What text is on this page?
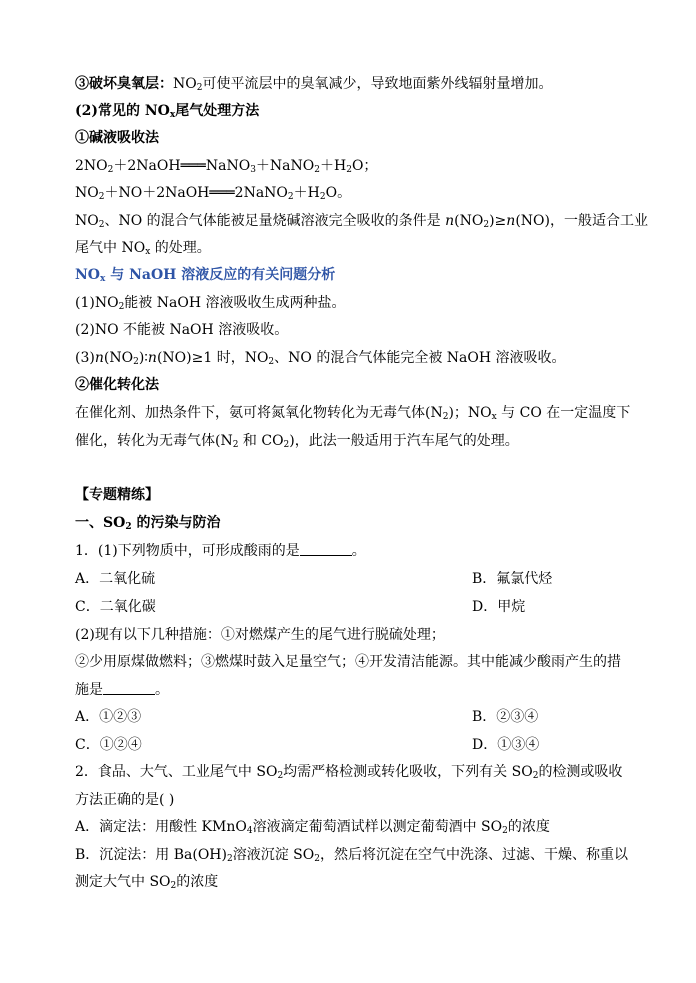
③破坏臭氧层：$NO_2$可使平流层中的臭氧减少，导致地面紫外线辐射量增加。
(2)常见的 $NO_x$尾气处理方法
①碱液吸收法
$2NO_2+2NaOH═══NaNO_3+NaNO_2+H_2O$；
$NO_2+NO+2NaOH═══2NaNO_2+H_2O$。
$NO_2$、NO 的混合气体能被足量烧碱溶液完全吸收的条件是 $n(NO_2)\ge n(NO)$，一般适合工业
尾气中 $NO_x$ 的处理。
$NO_x$ 与 NaOH 溶液反应的有关问题分析
$(1)NO_2$能被 NaOH 溶液吸收生成两种盐。
(2)NO 不能被 NaOH 溶液吸收。
$(3)n(NO_2)∶n(NO)\ge 1$ 时，$NO_2$、NO 的混合气体能完全被 NaOH 溶液吸收。
②催化转化法
在催化剂、加热条件下，氨可将氮氧化物转化为无毒气体$(N_2)$；$NO_x$ 与 CO 在一定温度下
催化，转化为无毒气体($N_2$ 和 $CO_2$)，此法一般适用于汽车尾气的处理。
【专题精练】
一、$SO_2$ 的污染与防治
1．(1)下列物质中，可形成酸雨的是	。
A．二氧化硫	B．氟氯代烃
C．二氧化碳	D．甲烷
(2)现有以下几种措施：①对燃煤产生的尾气进行脱硫处理；
②少用原煤做燃料；③燃煤时鼓入足量空气；④开发清洁能源。其中能减少酸雨产生的措
施是	。
A．①②③	B．②③④
C．①②④	D．①③④
2．食品、大气、工业尾气中 $SO_2$均需严格检测或转化吸收，下列有关 $SO_2$的检测或吸收
方法正确的是( )
A．滴定法：用酸性 KMnO$_4$溶液滴定葡萄酒试样以测定葡萄酒中 $SO_2$的浓度
B．沉淀法：用 $Ba(OH)_2$溶液沉淀 $SO_2$，然后将沉淀在空气中洗涤、过滤、干燥、称重以
测定大气中 $SO_2$的浓度
